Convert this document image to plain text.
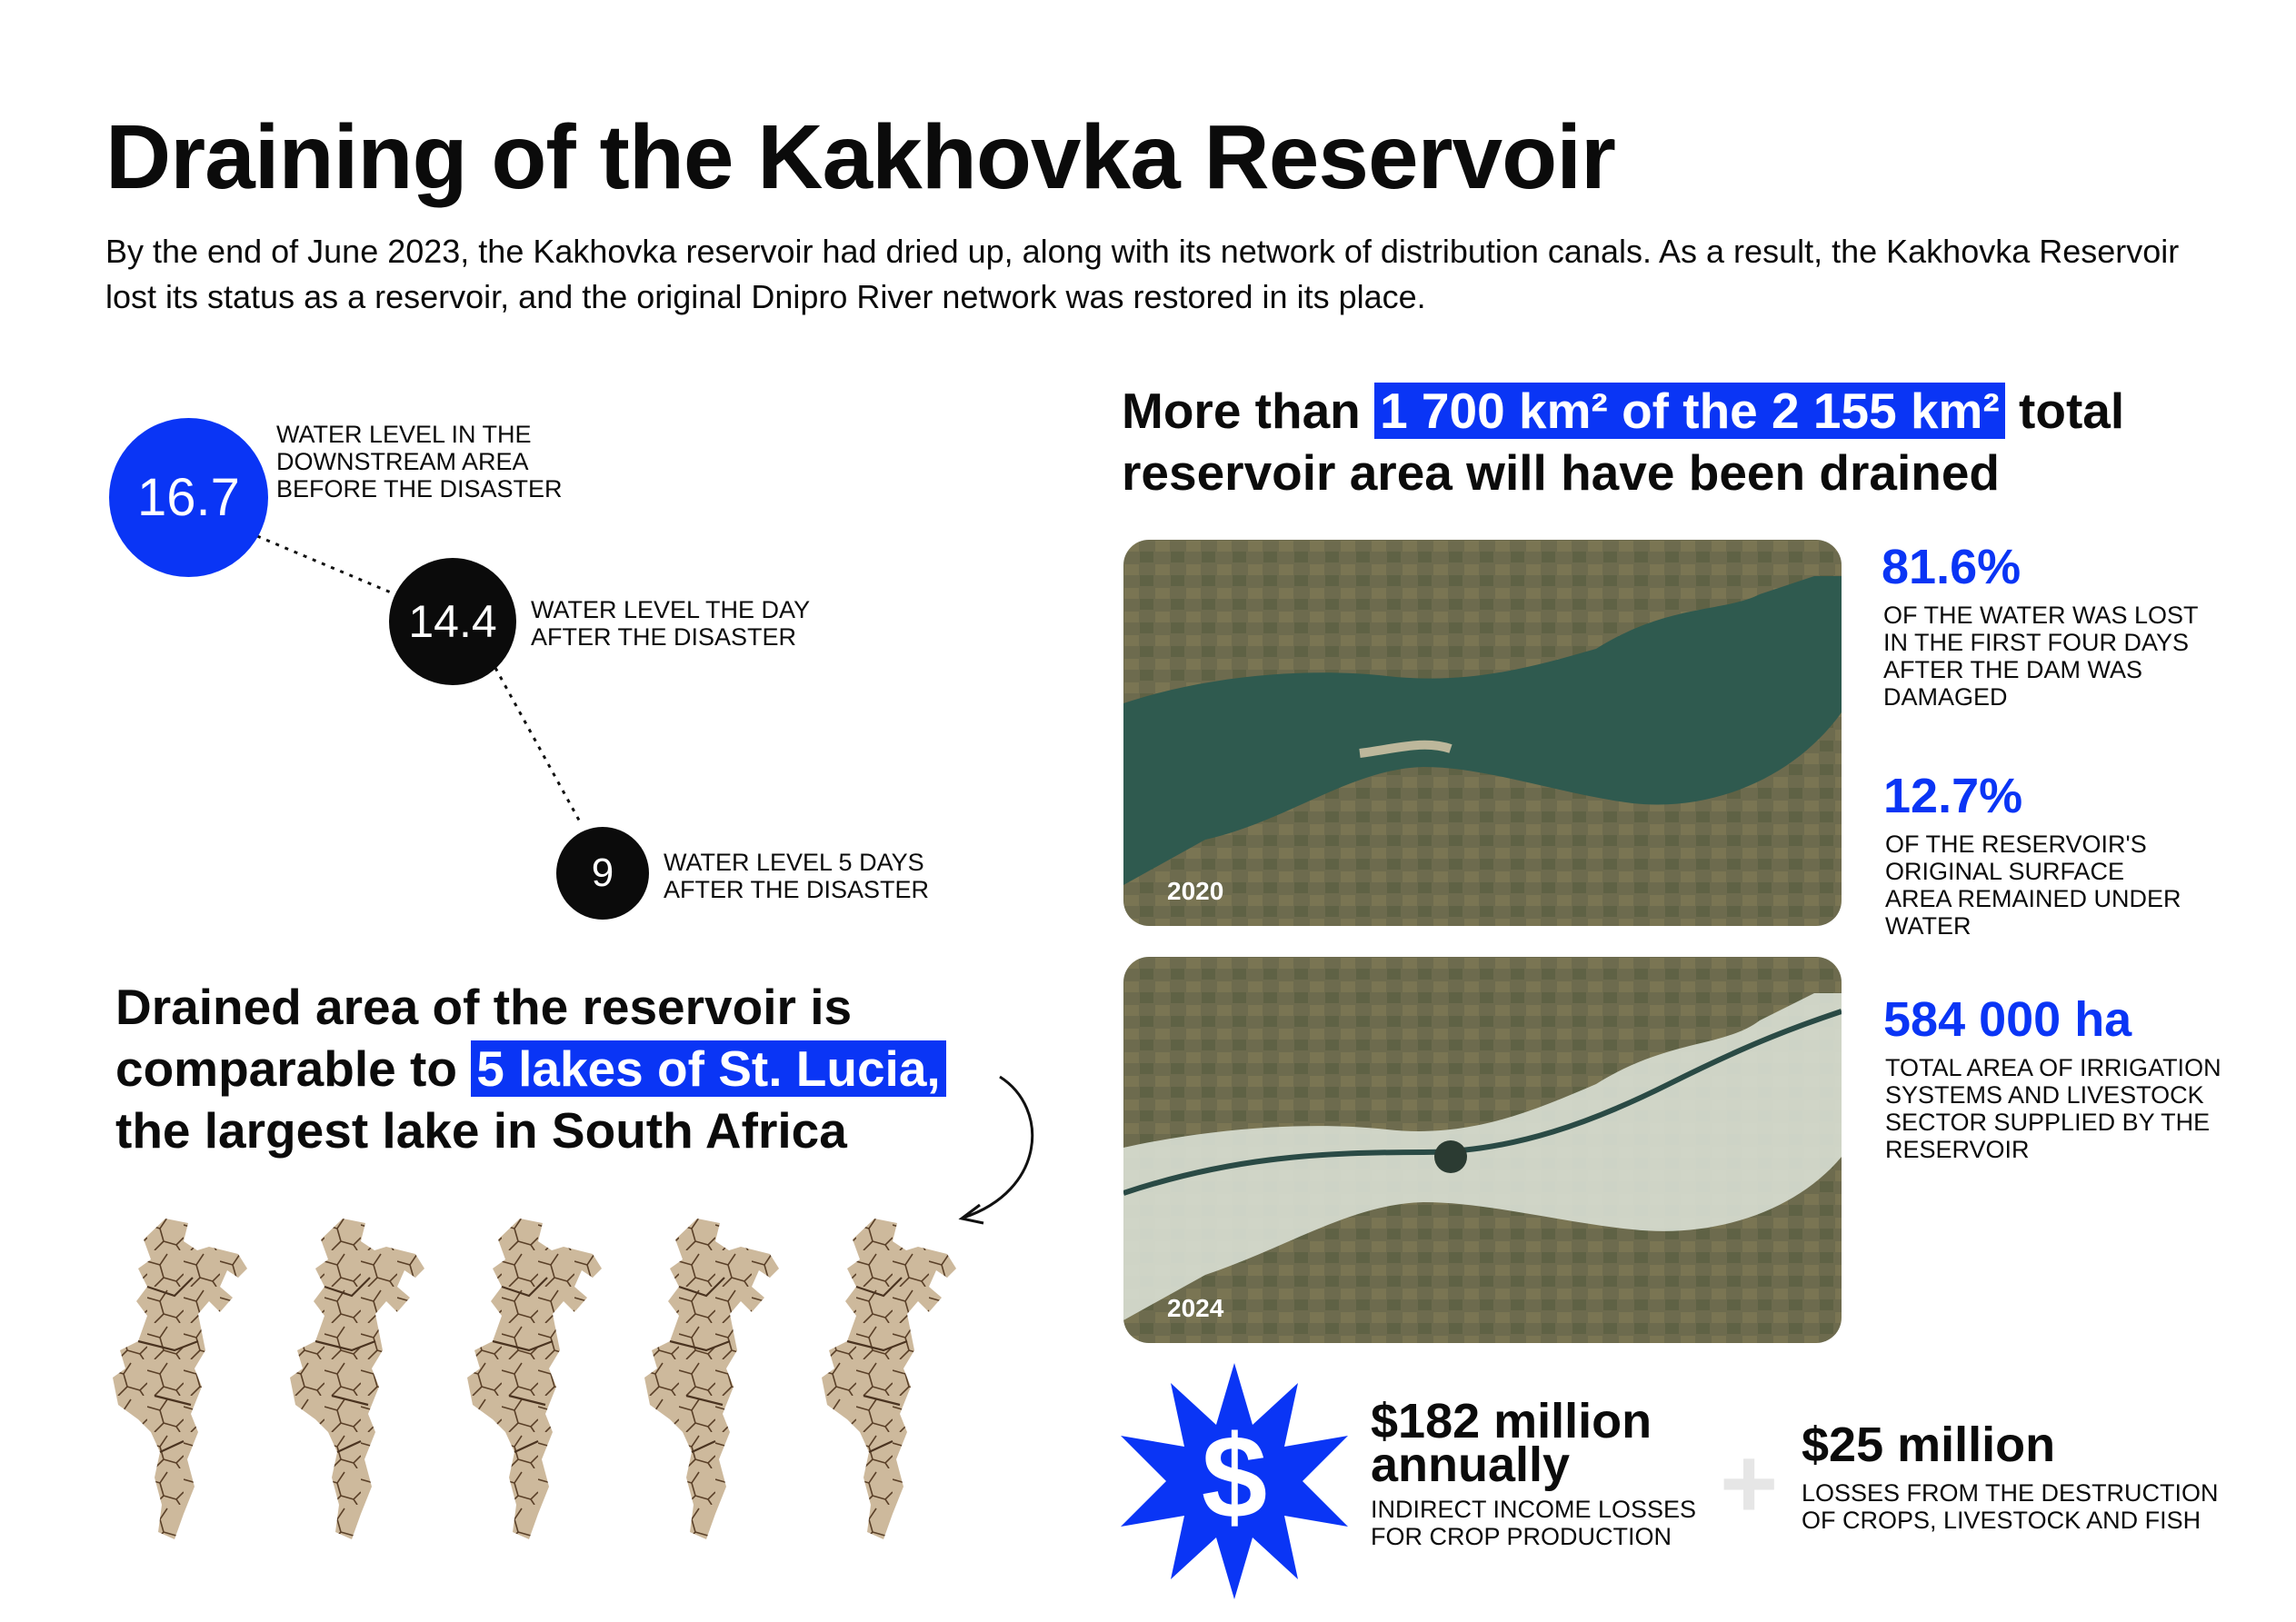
Draining of the Kakhovka Reservoir
By the end of June 2023, the Kakhovka reservoir had dried up, along with its network of distribution canals. As a result, the Kakhovka Reservoir lost its status as a reservoir, and the original Dnipro River network was restored in its place.
16.7
WATER LEVEL IN THE DOWNSTREAM AREA BEFORE THE DISASTER
14.4 WATER LEVEL THE DAY AFTER THE DISASTER
9 WATER LEVEL 5 DAYS AFTER THE DISASTER
More than 1 700 km² of the 2 155 km² total reservoir area will have been drained
Drained area of the reservoir is comparable to 5 lakes of St. Lucia, the largest lake in South Africa
2020
2024
81.6%
OF THE WATER WAS LOST IN THE FIRST FOUR DAYS AFTER THE DAM WAS DAMAGED
12.7%
OF THE RESERVOIR'S ORIGINAL SURFACE AREA REMAINED UNDER WATER
584 000 ha
TOTAL AREA OF IRRIGATION SYSTEMS AND LIVESTOCK SECTOR SUPPLIED BY THE RESERVOIR
$ $182 million
annually
INDIRECT INCOME LOSSES FOR CROP PRODUCTION + $25 million
LOSSES FROM THE DESTRUCTION OF CROPS, LIVESTOCK AND FISH
